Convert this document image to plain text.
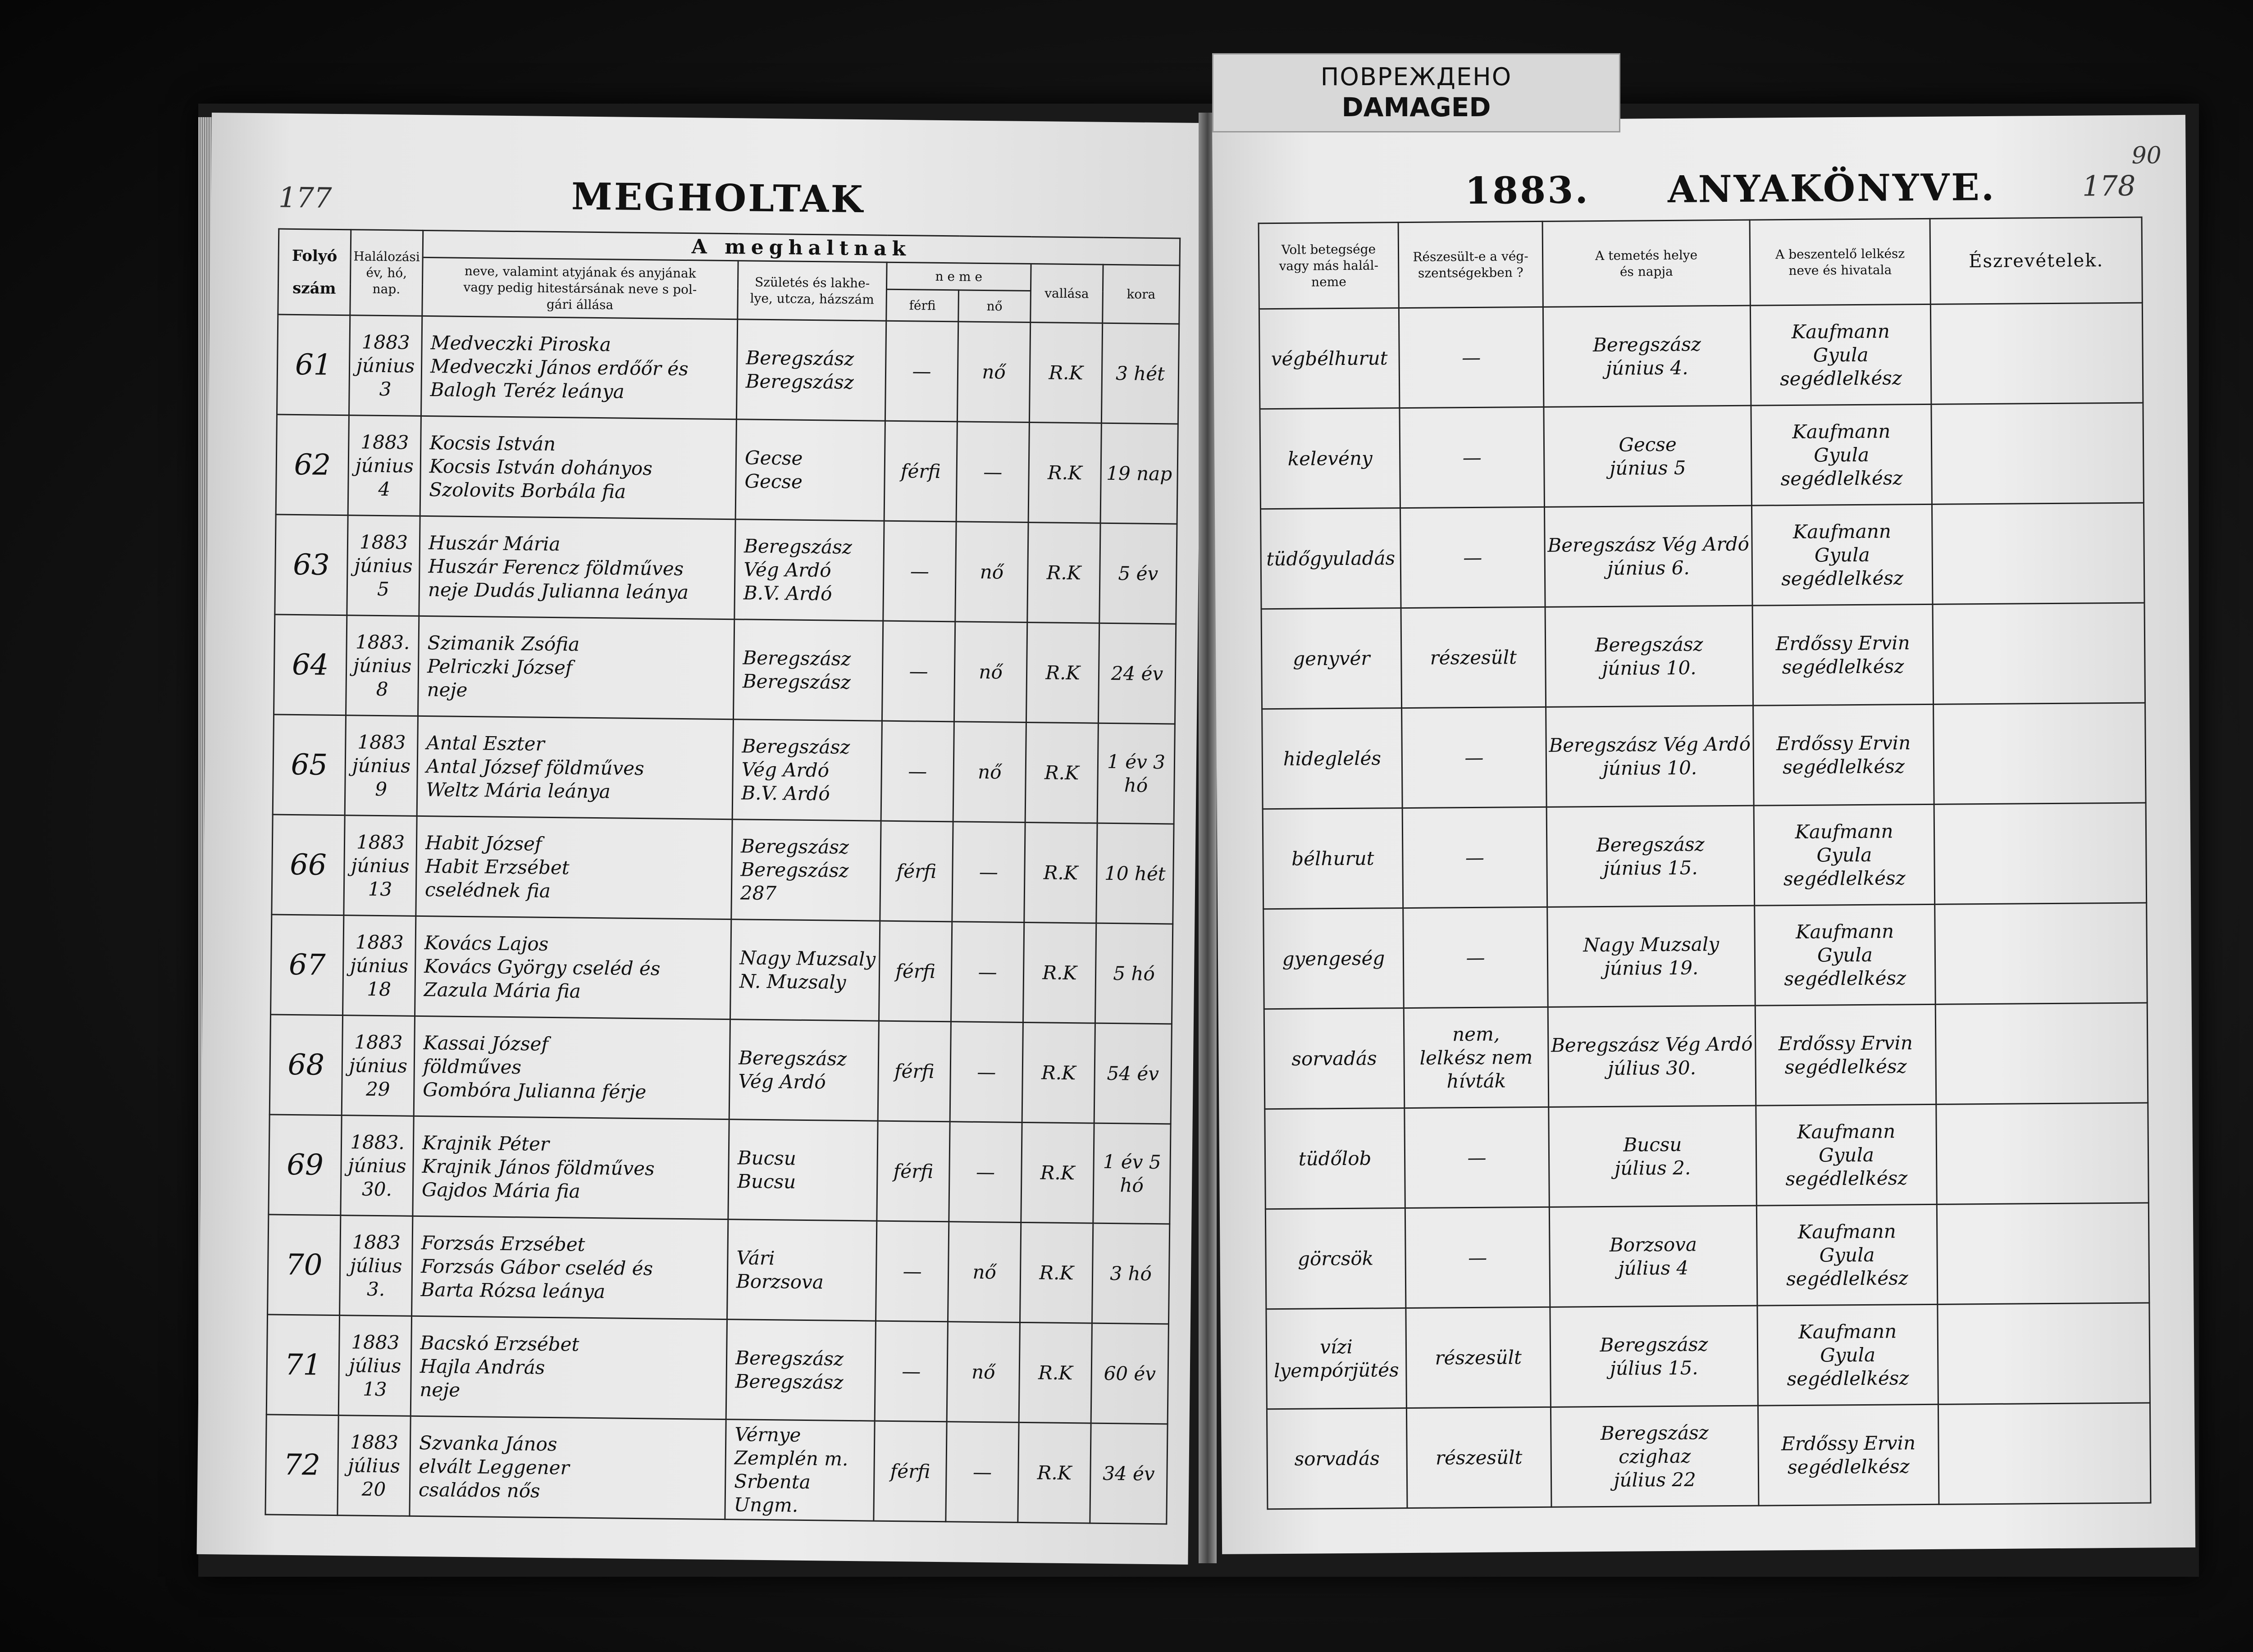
177	MEGHOLTAK
Folyó

szám	Halálozási
év, hó,
nap.	A meghaltnak					
		neve, valamint atyjának és anyjának
vagy pedig hitestársának neve s pol-
gári állása	Születés és lakhe-
lye, utcza, házszám	n e m e		vallása	kora
				férfi	nő		
61	1883
június
3	Medveczki Piroska
Medveczki János erdőőr és
Balogh Teréz leánya	Beregszász
Beregszász	—	nő	R.K	3 hét
62	1883
június
4	Kocsis István
Kocsis István dohányos
Szolovits Borbála fia	Gecse
Gecse	férfi	—	R.K	19 nap
63	1883
június
5	Huszár Mária
Huszár Ferencz földműves
neje Dudás Julianna leánya	Beregszász Vég Ardó
B.V. Ardó	—	nő	R.K	5 év
64	1883.
június
8	Szimanik Zsófia
Pelriczki József
neje	Beregszász
Beregszász	—	nő	R.K	24 év
65	1883
június
9	Antal Eszter
Antal József földműves
Weltz Mária leánya	Beregszász Vég Ardó
B.V. Ardó	—	nő	R.K	1 év 3 hó
66	1883
június
13	Habit József
Habit Erzsébet
cselédnek fia	Beregszász
Beregszász 287	férfi	—	R.K	10 hét
67	1883
június
18	Kovács Lajos
Kovács György cseléd és
Zazula Mária fia	Nagy Muzsaly
N. Muzsaly	férfi	—	R.K	5 hó
68	1883
június
29	Kassai József
földműves
Gombóra Julianna férje	Beregszász Vég Ardó	férfi	—	R.K	54 év
69	1883.
június
30.	Krajnik Péter
Krajnik János földműves
Gajdos Mária fia	Bucsu
Bucsu	férfi	—	R.K	1 év 5 hó
70	1883
július
3.	Forzsás Erzsébet
Forzsás Gábor cseléd és
Barta Rózsa leánya	Vári
Borzsova	—	nő	R.K	3 hó
71	1883
július
13	Bacskó Erzsébet
Hajla András
neje	Beregszász
Beregszász	—	nő	R.K	60 év
72	1883
július
20	Szvanka János
elvált Leggener
családos nős	Vérnye
Zemplén m.
Srbenta Ungm.	férfi	—	R.K	34 év
1883. ANYAKÖNYVE.	178
90
Volt betegsége
vagy más halál-
neme	Részesült-e a vég-
szentségekben ?	A temetés helye
és napja	A beszentelő lelkész
neve és hivatala	Észrevételek.

végbélhurut	—	Beregszász
június 4.	Kaufmann
Gyula
segédlelkész	

kelevény	—	Gecse
június 5	Kaufmann
Gyula
segédlelkész	

tüdőgyuladás	—	Beregszász Vég Ardó
június 6.	Kaufmann
Gyula
segédlelkész	

genyvér	részesült	Beregszász
június 10.	Erdőssy Ervin
segédlelkész	

hideglelés	—	Beregszász Vég Ardó
június 10.	Erdőssy Ervin
segédlelkész	

bélhurut	—	Beregszász
június 15.	Kaufmann
Gyula
segédlelkész	

gyengeség	—	Nagy Muzsaly
június 19.	Kaufmann
Gyula
segédlelkész	

sorvadás	nem,
lelkész nem
hívták	Beregszász Vég Ardó
július 30.	Erdőssy Ervin
segédlelkész	

tüdőlob	—	Bucsu
július 2.	Kaufmann
Gyula
segédlelkész	

görcsök	—	Borzsova
július 4	Kaufmann
Gyula
segédlelkész	

vízi lyempórjütés	részesült	Beregszász
július 15.	Kaufmann
Gyula
segédlelkész	

sorvadás	részesült	Beregszász
czighaz
július 22	Erdőssy Ervin
segédlelkész	

ПОВРЕЖДЕНО
DAMAGED
